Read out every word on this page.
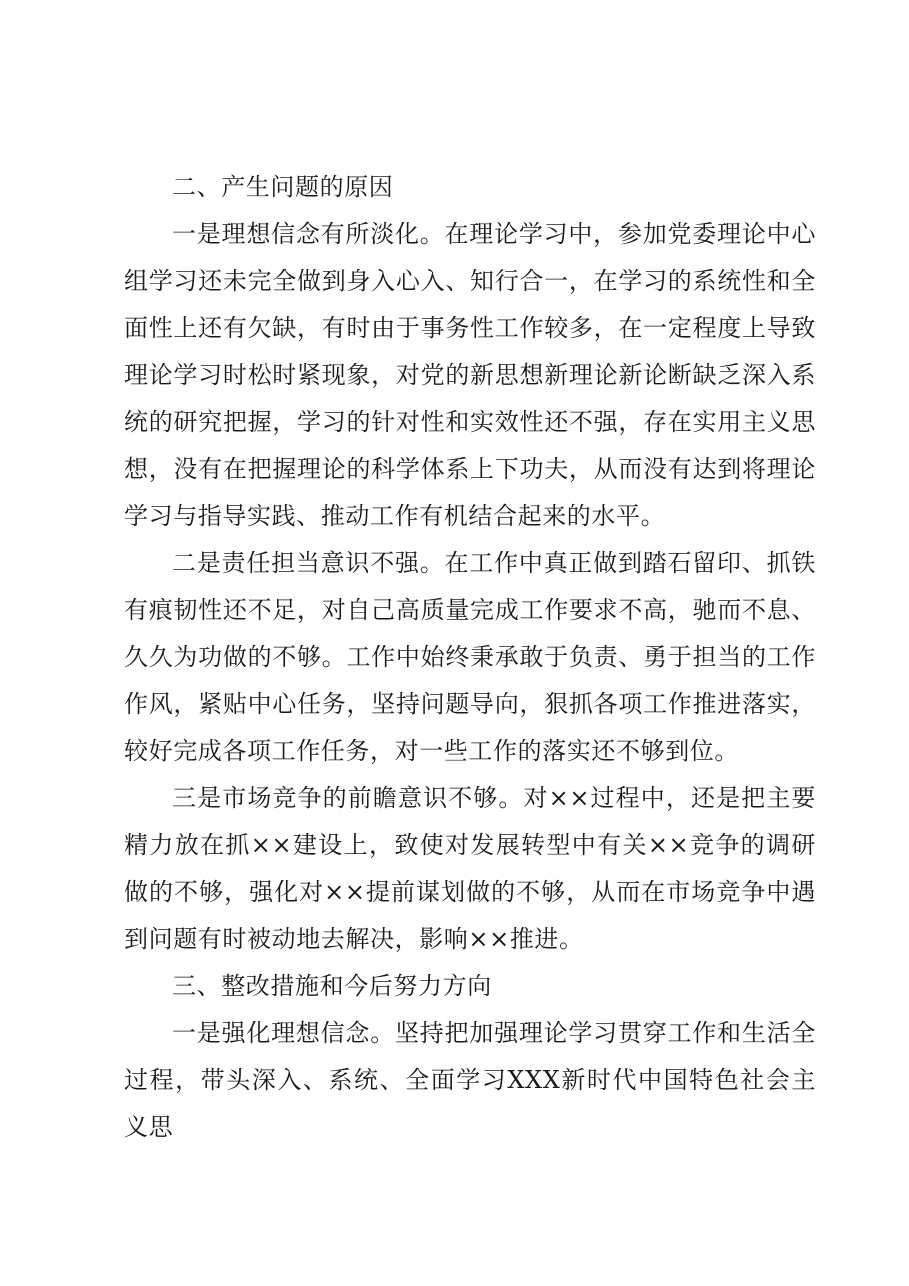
二、产生问题的原因

一是理想信念有所淡化。在理论学习中，参加党委理论中心组学习还未完全做到身入心入、知行合一，在学习的系统性和全面性上还有欠缺，有时由于事务性工作较多，在一定程度上导致理论学习时松时紧现象，对党的新思想新理论新论断缺乏深入系统的研究把握，学习的针对性和实效性还不强，存在实用主义思想，没有在把握理论的科学体系上下功夫，从而没有达到将理论学习与指导实践、推动工作有机结合起来的水平。

二是责任担当意识不强。在工作中真正做到踏石留印、抓铁有痕韧性还不足，对自己高质量完成工作要求不高，驰而不息、久久为功做的不够。工作中始终秉承敢于负责、勇于担当的工作作风，紧贴中心任务，坚持问题导向，狠抓各项工作推进落实，较好完成各项工作任务，对一些工作的落实还不够到位。

三是市场竞争的前瞻意识不够。对××过程中，还是把主要精力放在抓××建设上，致使对发展转型中有关××竞争的调研做的不够，强化对××提前谋划做的不够，从而在市场竞争中遇到问题有时被动地去解决，影响××推进。

三、整改措施和今后努力方向

一是强化理想信念。坚持把加强理论学习贯穿工作和生活全过程，带头深入、系统、全面学习XXX新时代中国特色社会主义思
